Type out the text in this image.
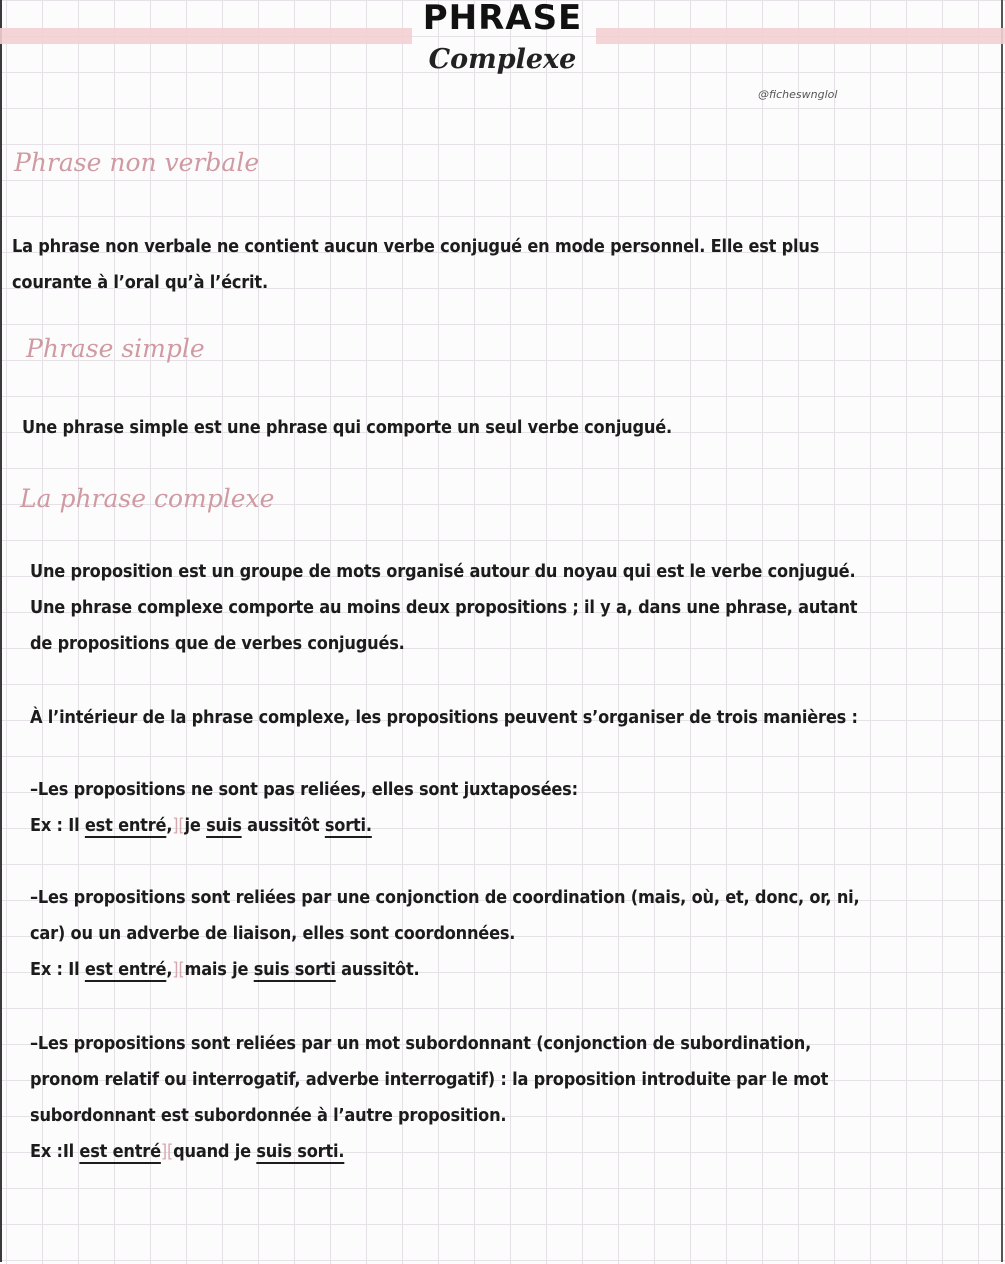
PHRASE
Complexe
@ficheswnglol
Phrase non verbale
La phrase non verbale ne contient aucun verbe conjugué en mode personnel. Elle est plus
courante à l’oral qu’à l’écrit.
Phrase simple
Une phrase simple est une phrase qui comporte un seul verbe conjugué.
La phrase complexe
Une proposition est un groupe de mots organisé autour du noyau qui est le verbe conjugué.
Une phrase complexe comporte au moins deux propositions ; il y a, dans une phrase, autant
de propositions que de verbes conjugués.
À l’intérieur de la phrase complexe, les propositions peuvent s’organiser de trois manières :
–Les propositions ne sont pas reliées, elles sont juxtaposées:
Ex : Il est entré,][je suis aussitôt sorti.
–Les propositions sont reliées par une conjonction de coordination (mais, où, et, donc, or, ni,
car) ou un adverbe de liaison, elles sont coordonnées.
Ex : Il est entré,][mais je suis sorti aussitôt.
–Les propositions sont reliées par un mot subordonnant (conjonction de subordination,
pronom relatif ou interrogatif, adverbe interrogatif) : la proposition introduite par le mot
subordonnant est subordonnée à l’autre proposition.
Ex :Il est entré][quand je suis sorti.
